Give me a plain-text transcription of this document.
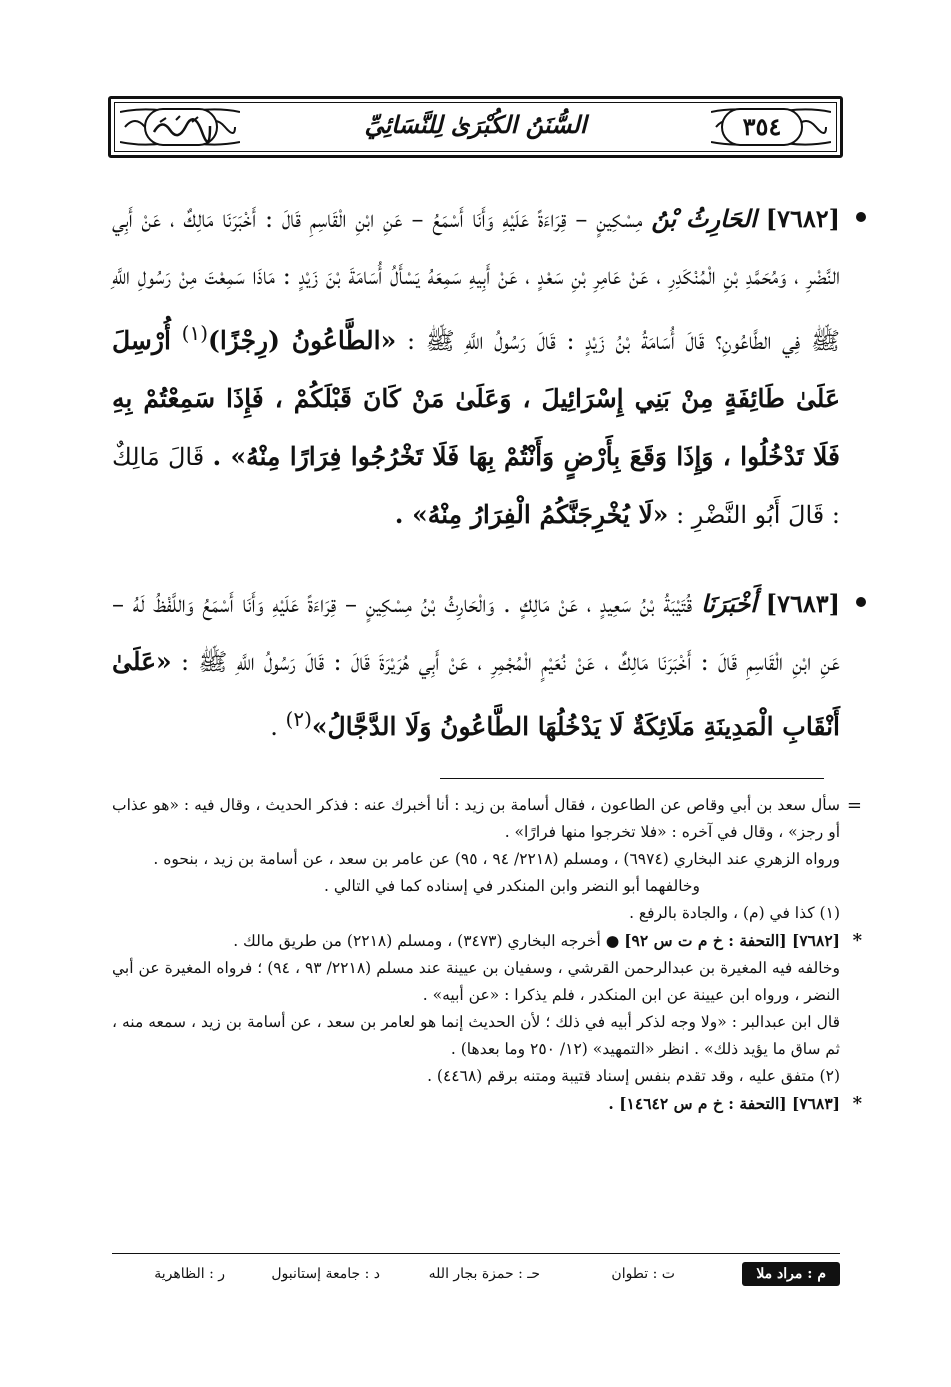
٣٥٤
السُّنَنُ الكُبْرَىٰ لِلنَّسَائِيِّ
[٧٦٨٢] الحَارِثُ بْنُ مِسْكِينٍ – قِرَاءَةً عَلَيْهِ وَأَنَا أَسْمَعُ – عَنِ ابْنِ الْقَاسِمِ قَالَ : أَخْبَرَنَا مَالِكٌ ، عَنْ أَبِي النَّضْرِ ، وَمُحَمَّدِ بْنِ الْمُنْكَدِرِ ، عَنْ عَامِرِ بْنِ سَعْدٍ ، عَنْ أَبِيهِ سَمِعَهُ يَسْأَلُ أُسَامَةَ بْنَ زَيْدٍ : مَاذَا سَمِعْتَ مِنْ رَسُولِ اللَّهِ ﷺ فِي الطَّاعُونِ؟ قَالَ أُسَامَةُ بْنُ زَيْدٍ : قَالَ رَسُولُ اللَّهِ ﷺ : «الطَّاعُونُ (رِجْزًا)$^{(١)}$ أُرْسِلَ عَلَىٰ طَائِفَةٍ مِنْ بَنِي إِسْرَائِيلَ ، وَعَلَىٰ مَنْ كَانَ قَبْلَكُمْ ، فَإِذَا سَمِعْتُمْ بِهِ فَلَا تَدْخُلُوا ، وَإِذَا وَقَعَ بِأَرْضٍ وَأَنْتُمْ بِهَا فَلَا تَخْرُجُوا فِرَارًا مِنْهُ» . قَالَ مَالِكٌ : قَالَ أَبُو النَّضْرِ : «لَا يُخْرِجَنَّكُمُ الْفِرَارُ مِنْهُ» .
[٧٦٨٣] أَخْبَرَنَا قُتَيْبَةُ بْنُ سَعِيدٍ ، عَنْ مَالِكٍ . وَالْحَارِثُ بْنُ مِسْكِينٍ – قِرَاءَةً عَلَيْهِ وَأَنَا أَسْمَعُ وَاللَّفْظُ لَهُ – عَنِ ابْنِ الْقَاسِمِ قَالَ : أَخْبَرَنَا مَالِكٌ ، عَنْ نُعَيْمٍ الْمُجْمِرِ ، عَنْ أَبِي هُرَيْرَةَ قَالَ : قَالَ رَسُولُ اللَّهِ ﷺ : «عَلَىٰ أَنْقَابِ الْمَدِينَةِ مَلَائِكَةٌ لَا يَدْخُلُهَا الطَّاعُونُ وَلَا الدَّجَّالُ»$^{(٢)}$ .
=

سأل سعد بن أبي وقاص عن الطاعون ، فقال أسامة بن زيد : أنا أخبرك عنه : فذكر الحديث ، وقال فيه : «هو عذاب أو رجز» ، وقال في آخره : «فلا تخرجوا منها فرارًا» .

ورواه الزهري عند البخاري (٦٩٧٤) ، ومسلم (٢٢١٨/ ٩٤ ، ٩٥) عن عامر بن سعد ، عن أسامة بن زيد ، بنحوه .

وخالفهما أبو النضر وابن المنكدر في إسناده كما في التالي .

(١) كذا في (م) ، والجادة بالرفع .

*

[٧٦٨٢] [التحفة : خ م ت س ٩٢] ● أخرجه البخاري (٣٤٧٣) ، ومسلم (٢٢١٨) من طريق مالك .

وخالفه فيه المغيرة بن عبدالرحمن القرشي ، وسفيان بن عيينة عند مسلم (٢٢١٨/ ٩٣ ، ٩٤) ؛ فرواه المغيرة عن أبي النضر ، ورواه ابن عيينة عن ابن المنكدر ، فلم يذكرا : «عن أبيه» .

قال ابن عبدالبر : «ولا وجه لذكر أبيه في ذلك ؛ لأن الحديث إنما هو لعامر بن سعد ، عن أسامة بن زيد ، سمعه منه ، ثم ساق ما يؤيد ذلك» . انظر «التمهيد» (١٢/ ٢٥٠ وما بعدها) .

(٢) متفق عليه ، وقد تقدم بنفس إسناد قتيبة ومتنه برقم (٤٤٦٨) .

*

[٧٦٨٣] [التحفة : خ م س ١٤٦٤٢] .

م : مراد ملا
ت : تطوان
حـ : حمزة بجار الله
د : جامعة إستانبول
ر : الظاهرية
